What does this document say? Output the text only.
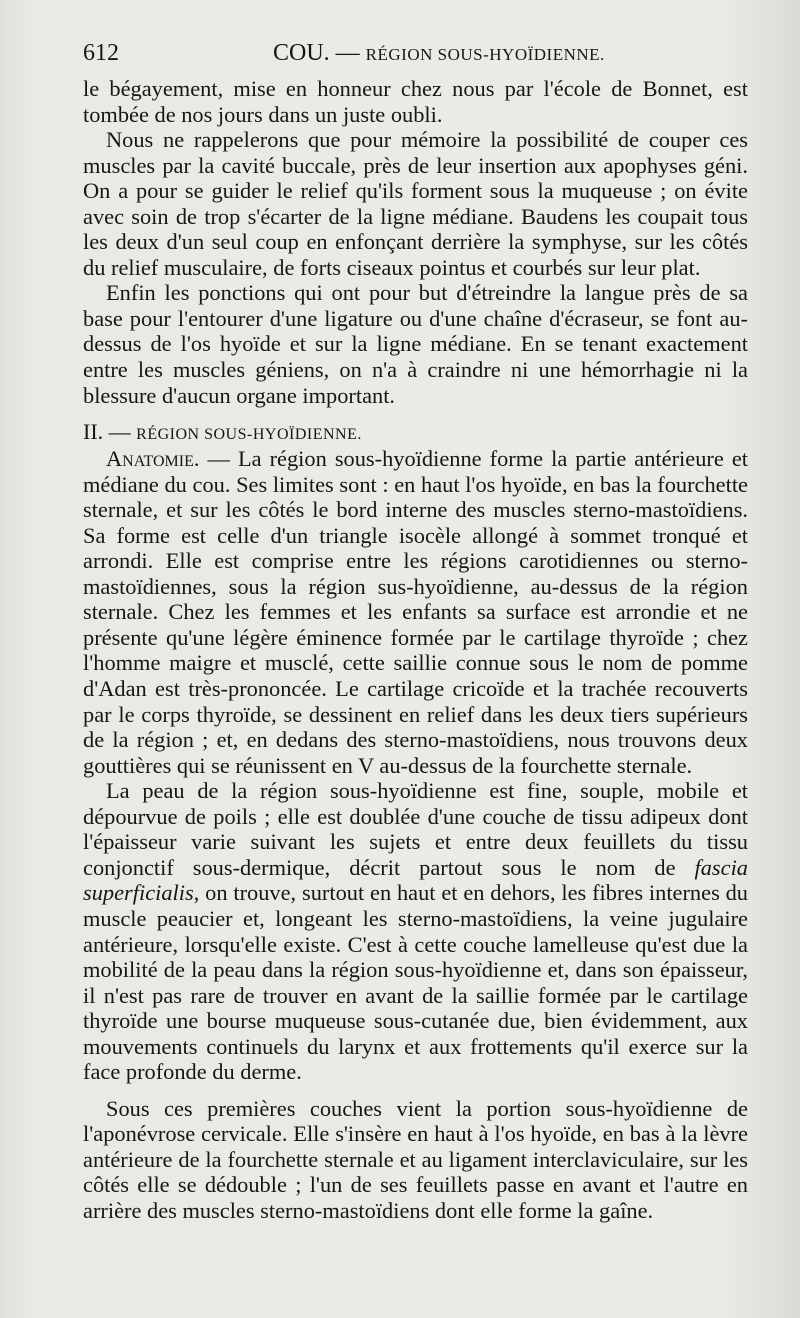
612	COU. — RÉGION SOUS-HYOÏDIENNE.

le bégayement, mise en honneur chez nous par l'école de Bonnet, est tombée de nos jours dans un juste oubli.

Nous ne rappelerons que pour mémoire la possibilité de couper ces muscles par la cavité buccale, près de leur insertion aux apophyses géni. On a pour se guider le relief qu'ils forment sous la muqueuse ; on évite avec soin de trop s'écarter de la ligne médiane. Baudens les coupait tous les deux d'un seul coup en enfonçant derrière la symphyse, sur les côtés du relief musculaire, de forts ciseaux pointus et courbés sur leur plat.

Enfin les ponctions qui ont pour but d'étreindre la langue près de sa base pour l'entourer d'une ligature ou d'une chaîne d'écraseur, se font au-dessus de l'os hyoïde et sur la ligne médiane. En se tenant exactement entre les muscles géniens, on n'a à craindre ni une hémorrhagie ni la blessure d'aucun organe important.

II. — RÉGION SOUS-HYOÏDIENNE.

Anatomie. — La région sous-hyoïdienne forme la partie antérieure et médiane du cou. Ses limites sont : en haut l'os hyoïde, en bas la fourchette sternale, et sur les côtés le bord interne des muscles sterno-mastoïdiens. Sa forme est celle d'un triangle isocèle allongé à sommet tronqué et arrondi. Elle est comprise entre les régions carotidiennes ou sterno-mastoïdiennes, sous la région sus-hyoïdienne, au-dessus de la région sternale. Chez les femmes et les enfants sa surface est arrondie et ne présente qu'une légère éminence formée par le cartilage thyroïde ; chez l'homme maigre et musclé, cette saillie connue sous le nom de pomme d'Adan est très-prononcée. Le cartilage cricoïde et la trachée recouverts par le corps thyroïde, se dessinent en relief dans les deux tiers supérieurs de la région ; et, en dedans des sterno-mastoïdiens, nous trouvons deux gouttières qui se réunissent en V au-dessus de la fourchette sternale.

La peau de la région sous-hyoïdienne est fine, souple, mobile et dépourvue de poils ; elle est doublée d'une couche de tissu adipeux dont l'épaisseur varie suivant les sujets et entre deux feuillets du tissu conjonctif sous-dermique, décrit partout sous le nom de fascia superficialis, on trouve, surtout en haut et en dehors, les fibres internes du muscle peaucier et, longeant les sterno-mastoïdiens, la veine jugulaire antérieure, lorsqu'elle existe. C'est à cette couche lamelleuse qu'est due la mobilité de la peau dans la région sous-hyoïdienne et, dans son épaisseur, il n'est pas rare de trouver en avant de la saillie formée par le cartilage thyroïde une bourse muqueuse sous-cutanée due, bien évidemment, aux mouvements continuels du larynx et aux frottements qu'il exerce sur la face profonde du derme.

Sous ces premières couches vient la portion sous-hyoïdienne de l'aponévrose cervicale. Elle s'insère en haut à l'os hyoïde, en bas à la lèvre antérieure de la fourchette sternale et au ligament interclaviculaire, sur les côtés elle se dédouble ; l'un de ses feuillets passe en avant et l'autre en arrière des muscles sterno-mastoïdiens dont elle forme la gaîne.
